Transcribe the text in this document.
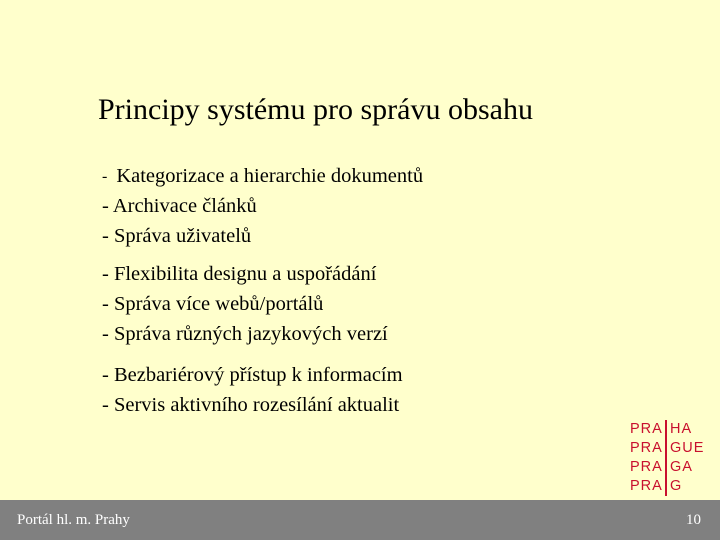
Principy systému pro správu obsahu
- Kategorizace a hierarchie dokumentů
- Archivace článků
- Správa uživatelů
- Flexibilita designu a uspořádání
- Správa více webů/portálů
- Správa různých jazykových verzí
- Bezbariérový přístup k informacím
- Servis aktivního rozesílání aktualit
PRA HA
PRA GUE
PRA GA
PRA G
Portál hl. m. Prahy	10
